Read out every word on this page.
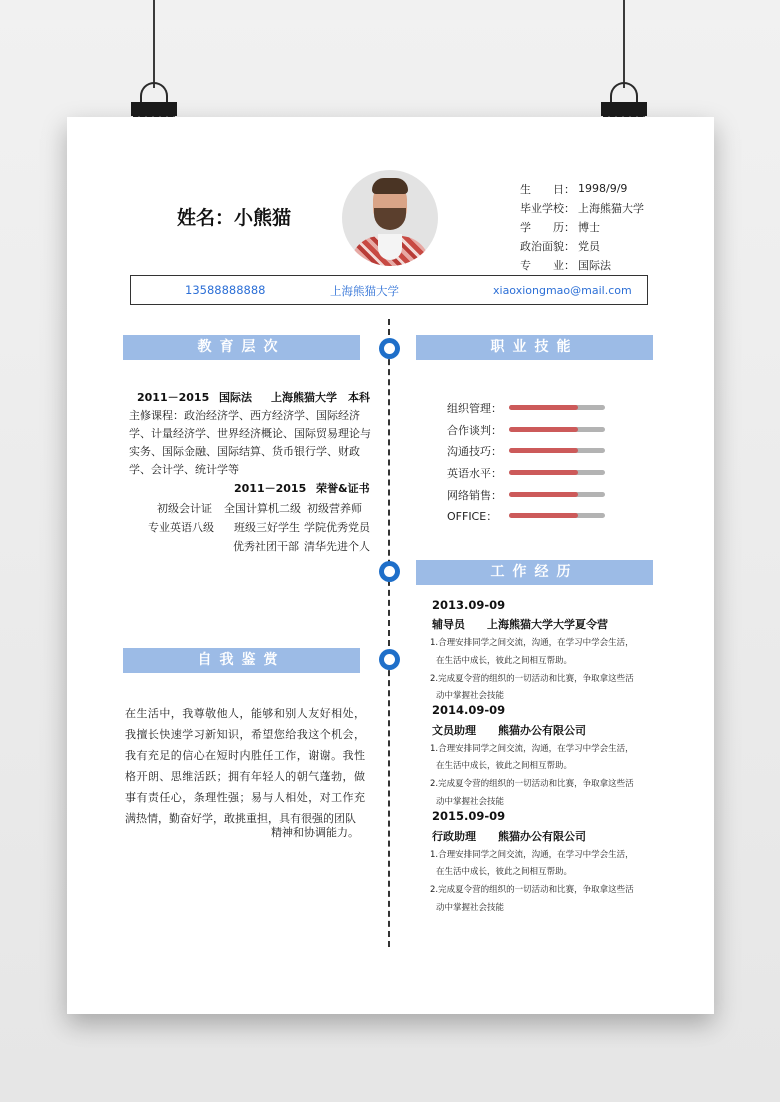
姓名：小熊猫
生　　日： 1998/9/9
毕业学校： 上海熊猫大学
学　　历： 博士
政治面貌： 党员
专　　业： 国际法
13588888888	上海熊猫大学	xiaoxiongmao@mail.com
教育层次	职业技能
自我鉴赏
工作经历
2011－2015 国际法 上海熊猫大学 本科
主修课程：政治经济学、西方经济学、国际经济学、计量经济学、世界经济概论、国际贸易理论与实务、国际金融、国际结算、货币银行学、财政学、会计学、统计学等
2011－2015 荣誉&证书
初级会计证 全国计算机二级 初级营养师
专业英语八级 班级三好学生 学院优秀党员
优秀社团干部 清华先进个人
在生活中，我尊敬他人，能够和别人友好相处，我擅长快速学习新知识，希望您给我这个机会，我有充足的信心在短时内胜任工作，谢谢。我性格开朗、思维活跃；拥有年轻人的朝气蓬勃，做事有责任心，条理性强；易与人相处，对工作充满热情，勤奋好学，敢挑重担，具有很强的团队
精神和协调能力。
组织管理：
合作谈判：
沟通技巧：
英语水平：
网络销售：
OFFICE：
2013.09-09
辅导员　　上海熊猫大学大学夏令营
1.合理安排同学之间交流，沟通，在学习中学会生活，
在生活中成长，彼此之间相互帮助。
2.完成夏令营的组织的一切活动和比赛，争取拿这些活
动中掌握社会技能
2014.09-09
文员助理　　熊猫办公有限公司
1.合理安排同学之间交流，沟通，在学习中学会生活，
在生活中成长，彼此之间相互帮助。
2.完成夏令营的组织的一切活动和比赛，争取拿这些活
动中掌握社会技能
2015.09-09
行政助理　　熊猫办公有限公司
1.合理安排同学之间交流，沟通，在学习中学会生活，
在生活中成长，彼此之间相互帮助。
2.完成夏令营的组织的一切活动和比赛，争取拿这些活
动中掌握社会技能
